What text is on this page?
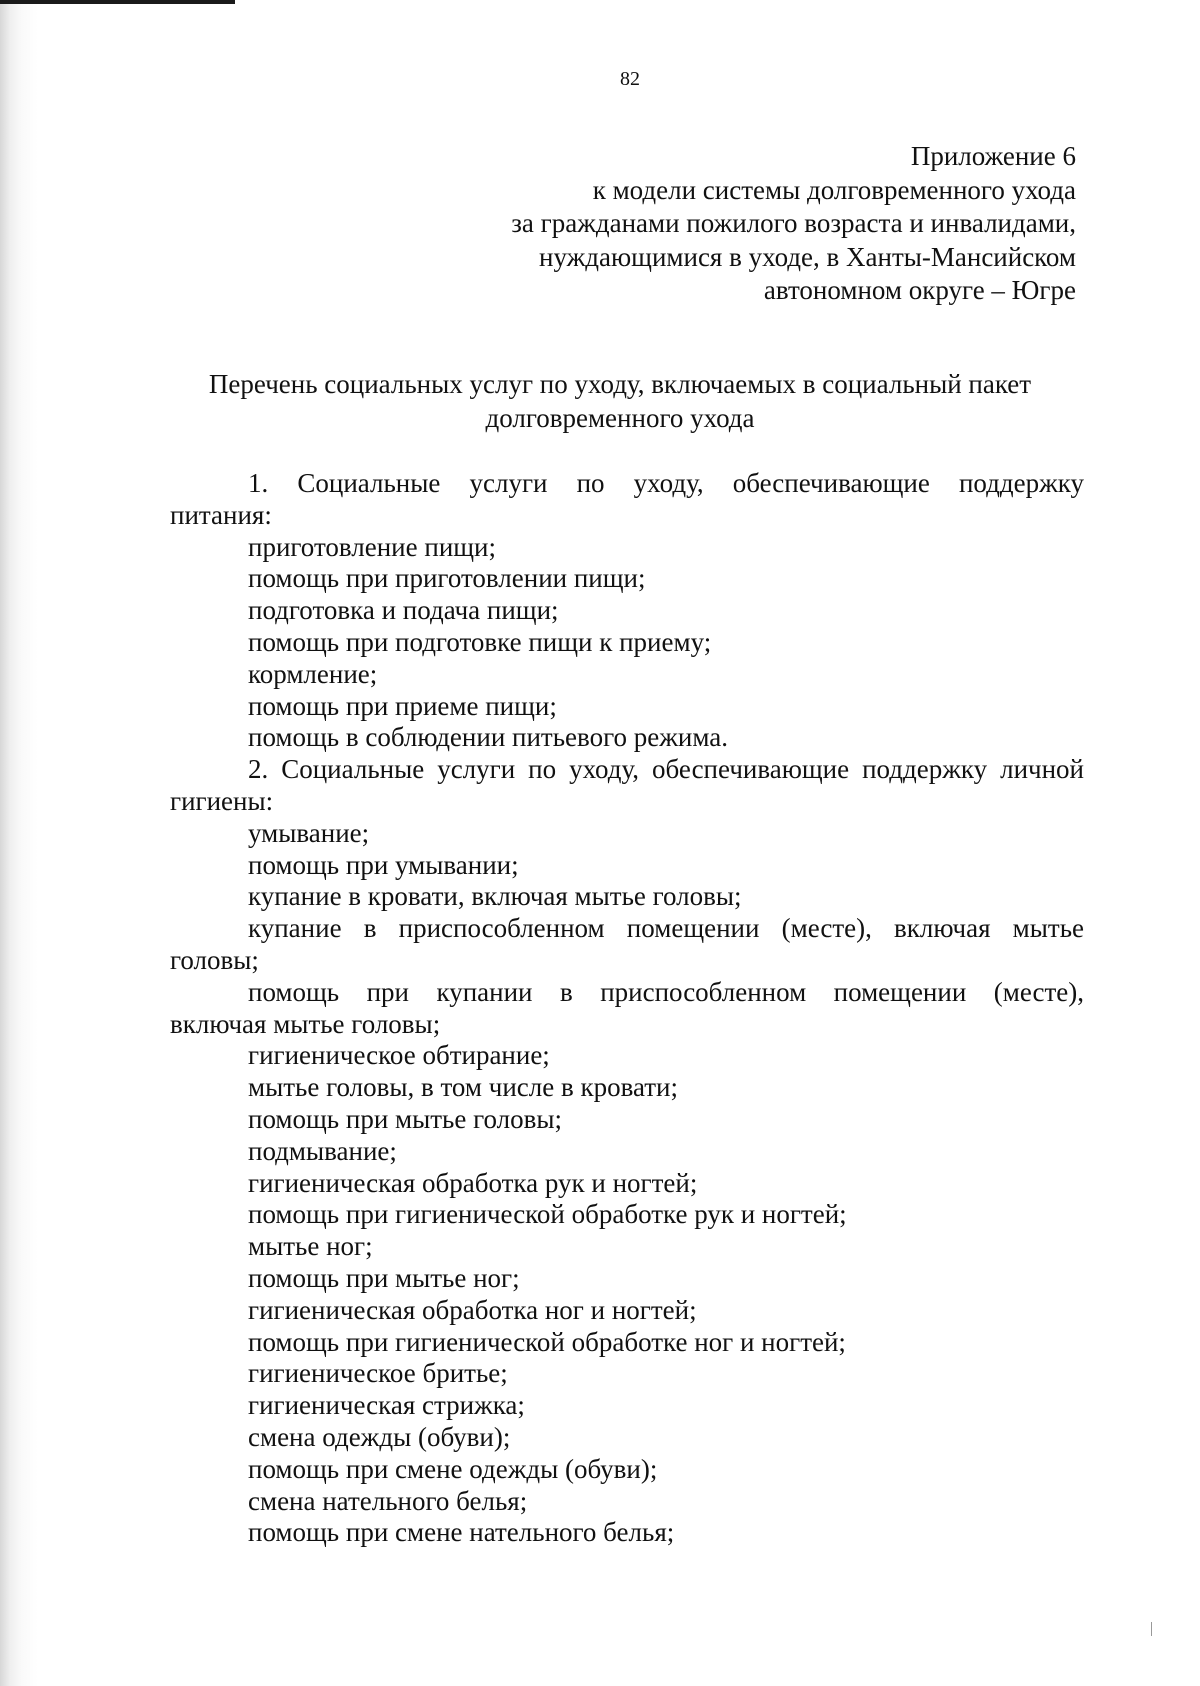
82
Приложение 6
к модели системы долговременного ухода
за гражданами пожилого возраста и инвалидами,
нуждающимися в уходе, в Ханты-Мансийском
автономном округе – Югре
Перечень социальных услуг по уходу, включаемых в социальный пакет
долговременного ухода
1. Социальные услуги по уходу, обеспечивающие поддержку
питания:
приготовление пищи;
помощь при приготовлении пищи;
подготовка и подача пищи;
помощь при подготовке пищи к приему;
кормление;
помощь при приеме пищи;
помощь в соблюдении питьевого режима.
2. Социальные услуги по уходу, обеспечивающие поддержку личной
гигиены:
умывание;
помощь при умывании;
купание в кровати, включая мытье головы;
купание в приспособленном помещении (месте), включая мытье
головы;
помощь при купании в приспособленном помещении (месте),
включая мытье головы;
гигиеническое обтирание;
мытье головы, в том числе в кровати;
помощь при мытье головы;
подмывание;
гигиеническая обработка рук и ногтей;
помощь при гигиенической обработке рук и ногтей;
мытье ног;
помощь при мытье ног;
гигиеническая обработка ног и ногтей;
помощь при гигиенической обработке ног и ногтей;
гигиеническое бритье;
гигиеническая стрижка;
смена одежды (обуви);
помощь при смене одежды (обуви);
смена нательного белья;
помощь при смене нательного белья;
